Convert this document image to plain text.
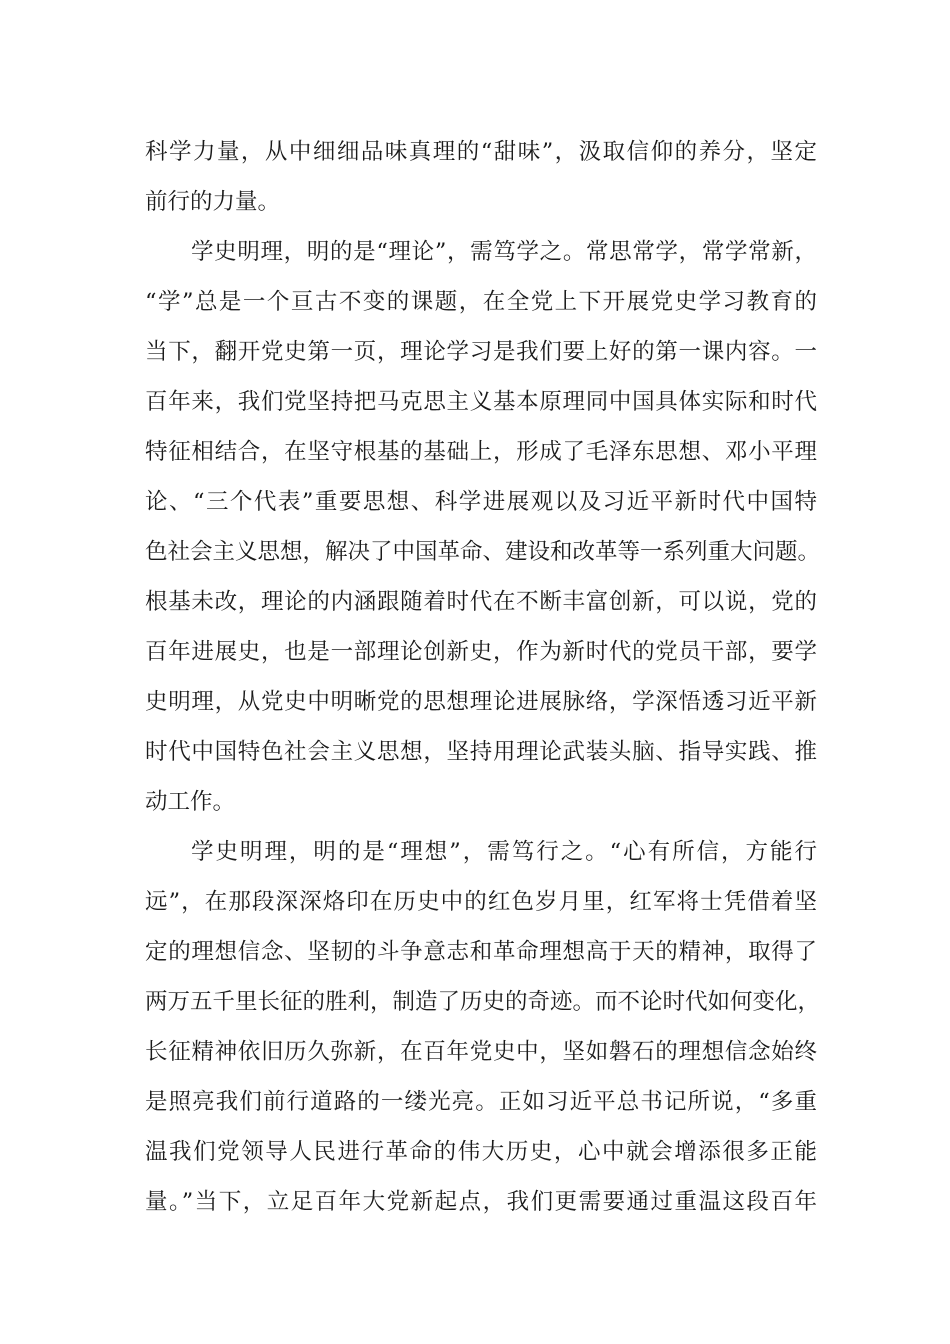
科学力量，从中细细品味真理的“甜味”，汲取信仰的养分，坚定
前行的力量。
学史明理，明的是“理论”，需笃学之。常思常学，常学常新，
“学”总是一个亘古不变的课题，在全党上下开展党史学习教育的
当下，翻开党史第一页，理论学习是我们要上好的第一课内容。一
百年来，我们党坚持把马克思主义基本原理同中国具体实际和时代
特征相结合，在坚守根基的基础上，形成了毛泽东思想、邓小平理
论、“三个代表”重要思想、科学进展观以及习近平新时代中国特
色社会主义思想，解决了中国革命、建设和改革等一系列重大问题。
根基未改，理论的内涵跟随着时代在不断丰富创新，可以说，党的
百年进展史，也是一部理论创新史，作为新时代的党员干部，要学
史明理，从党史中明晰党的思想理论进展脉络，学深悟透习近平新
时代中国特色社会主义思想，坚持用理论武装头脑、指导实践、推
动工作。
学史明理，明的是“理想”，需笃行之。“心有所信，方能行
远”，在那段深深烙印在历史中的红色岁月里，红军将士凭借着坚
定的理想信念、坚韧的斗争意志和革命理想高于天的精神，取得了
两万五千里长征的胜利，制造了历史的奇迹。而不论时代如何变化，
长征精神依旧历久弥新，在百年党史中，坚如磐石的理想信念始终
是照亮我们前行道路的一缕光亮。正如习近平总书记所说，“多重
温我们党领导人民进行革命的伟大历史，心中就会增添很多正能
量。”当下，立足百年大党新起点，我们更需要通过重温这段百年
